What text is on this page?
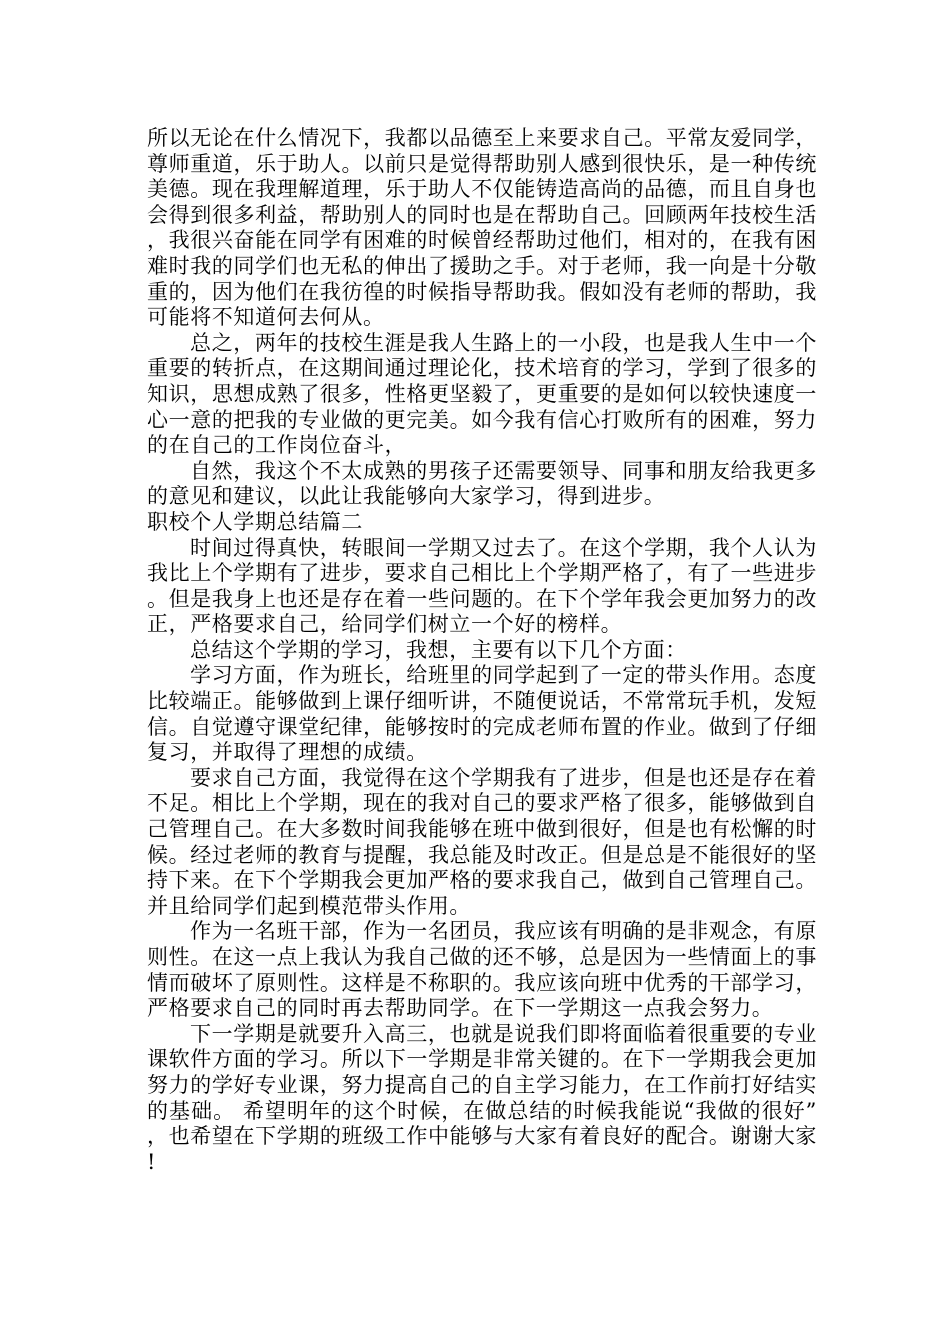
所以无论在什么情况下，我都以品德至上来要求自己。平常友爱同学，尊师重道，乐于助人。以前只是觉得帮助别人感到很快乐，是一种传统美德。现在我理解道理，乐于助人不仅能铸造高尚的品德，而且自身也会得到很多利益，帮助别人的同时也是在帮助自己。回顾两年技校生活，我很兴奋能在同学有困难的时候曾经帮助过他们，相对的，在我有困难时我的同学们也无私的伸出了援助之手。对于老师，我一向是十分敬重的，因为他们在我彷徨的时候指导帮助我。假如没有老师的帮助，我可能将不知道何去何从。

总之，两年的技校生涯是我人生路上的一小段，也是我人生中一个重要的转折点，在这期间通过理论化，技术培育的学习，学到了很多的知识，思想成熟了很多，性格更坚毅了，更重要的是如何以较快速度一心一意的把我的专业做的更完美。如今我有信心打败所有的困难，努力的在自己的工作岗位奋斗，

自然，我这个不太成熟的男孩子还需要领导、同事和朋友给我更多的意见和建议，以此让我能够向大家学习，得到进步。

职校个人学期总结篇二

时间过得真快，转眼间一学期又过去了。在这个学期，我个人认为我比上个学期有了进步，要求自己相比上个学期严格了，有了一些进步。但是我身上也还是存在着一些问题的。在下个学年我会更加努力的改正，严格要求自己，给同学们树立一个好的榜样。

总结这个学期的学习，我想，主要有以下几个方面：

学习方面，作为班长，给班里的同学起到了一定的带头作用。态度比较端正。能够做到上课仔细听讲，不随便说话，不常常玩手机，发短信。自觉遵守课堂纪律，能够按时的完成老师布置的作业。做到了仔细复习，并取得了理想的成绩。

要求自己方面，我觉得在这个学期我有了进步，但是也还是存在着不足。相比上个学期，现在的我对自己的要求严格了很多，能够做到自己管理自己。在大多数时间我能够在班中做到很好，但是也有松懈的时候。经过老师的教育与提醒，我总能及时改正。但是总是不能很好的坚持下来。在下个学期我会更加严格的要求我自己，做到自己管理自己。并且给同学们起到模范带头作用。

作为一名班干部，作为一名团员，我应该有明确的是非观念，有原则性。在这一点上我认为我自己做的还不够，总是因为一些情面上的事情而破坏了原则性。这样是不称职的。我应该向班中优秀的干部学习，严格要求自己的同时再去帮助同学。在下一学期这一点我会努力。

下一学期是就要升入高三，也就是说我们即将面临着很重要的专业课软件方面的学习。所以下一学期是非常关键的。在下一学期我会更加努力的学好专业课，努力提高自己的自主学习能力，在工作前打好结实的基础。 希望明年的这个时候，在做总结的时候我能说“我做的很好”，也希望在下学期的班级工作中能够与大家有着良好的配合。谢谢大家!
